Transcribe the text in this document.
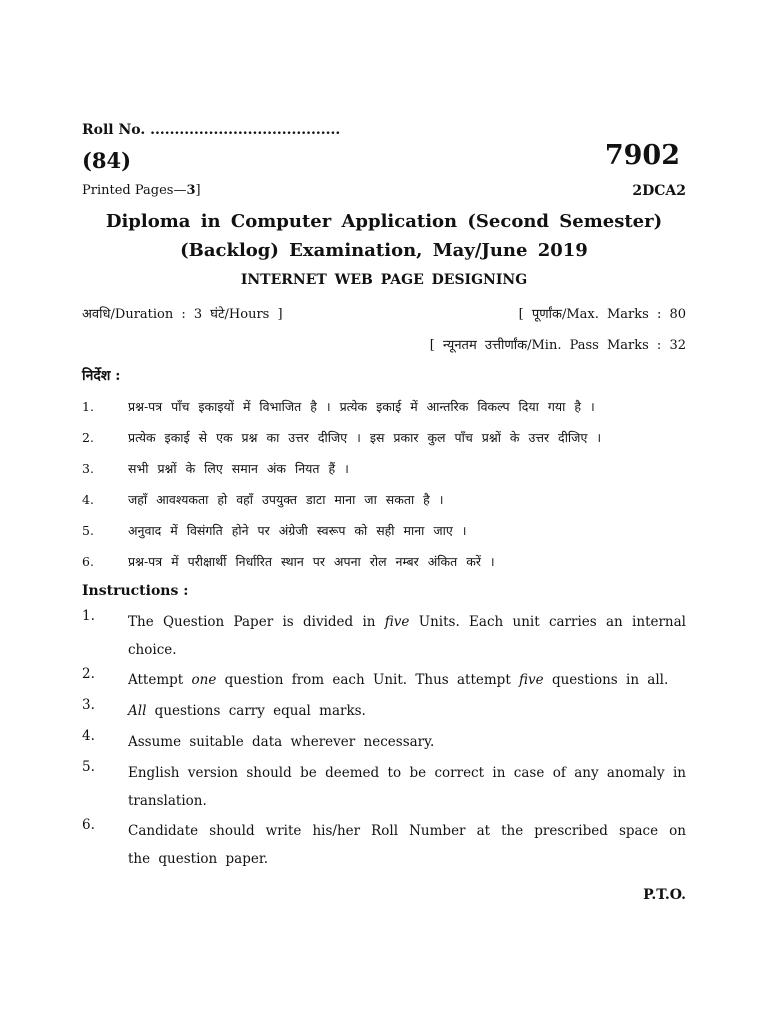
Roll No. .......................................
(84)	7902
Printed Pages—3]	2DCA2
Diploma in Computer Application (Second Semester)
(Backlog) Examination, May/June 2019
INTERNET WEB PAGE DESIGNING
अवधि/Duration : 3 घंटे/Hours ]	[ पूर्णांक/Max. Marks : 80
[ न्यूनतम उत्तीर्णांक/Min. Pass Marks : 32
निर्देश :
1.	प्रश्न-पत्र पाँच इकाइयों में विभाजित है । प्रत्येक इकाई में आन्तरिक विकल्प दिया गया है ।
2.	प्रत्येक इकाई से एक प्रश्न का उत्तर दीजिए । इस प्रकार कुल पाँच प्रश्नों के उत्तर दीजिए ।
3.	सभी प्रश्नों के लिए समान अंक नियत हैं ।
4.	जहाँ आवश्यकता हो वहाँ उपयुक्त डाटा माना जा सकता है ।
5.	अनुवाद में विसंगति होने पर अंग्रेजी स्वरूप को सही माना जाए ।
6.	प्रश्न-पत्र में परीक्षार्थी निर्धारित स्थान पर अपना रोल नम्बर अंकित करें ।
Instructions :
1. The Question Paper is divided in five Units. Each unit carries an internal choice.
2. Attempt one question from each Unit. Thus attempt five questions in all.
3. All questions carry equal marks.
4. Assume suitable data wherever necessary.
5. English version should be deemed to be correct in case of any anomaly in translation.
6. Candidate should write his/her Roll Number at the prescribed space on the question paper.
P.T.O.
